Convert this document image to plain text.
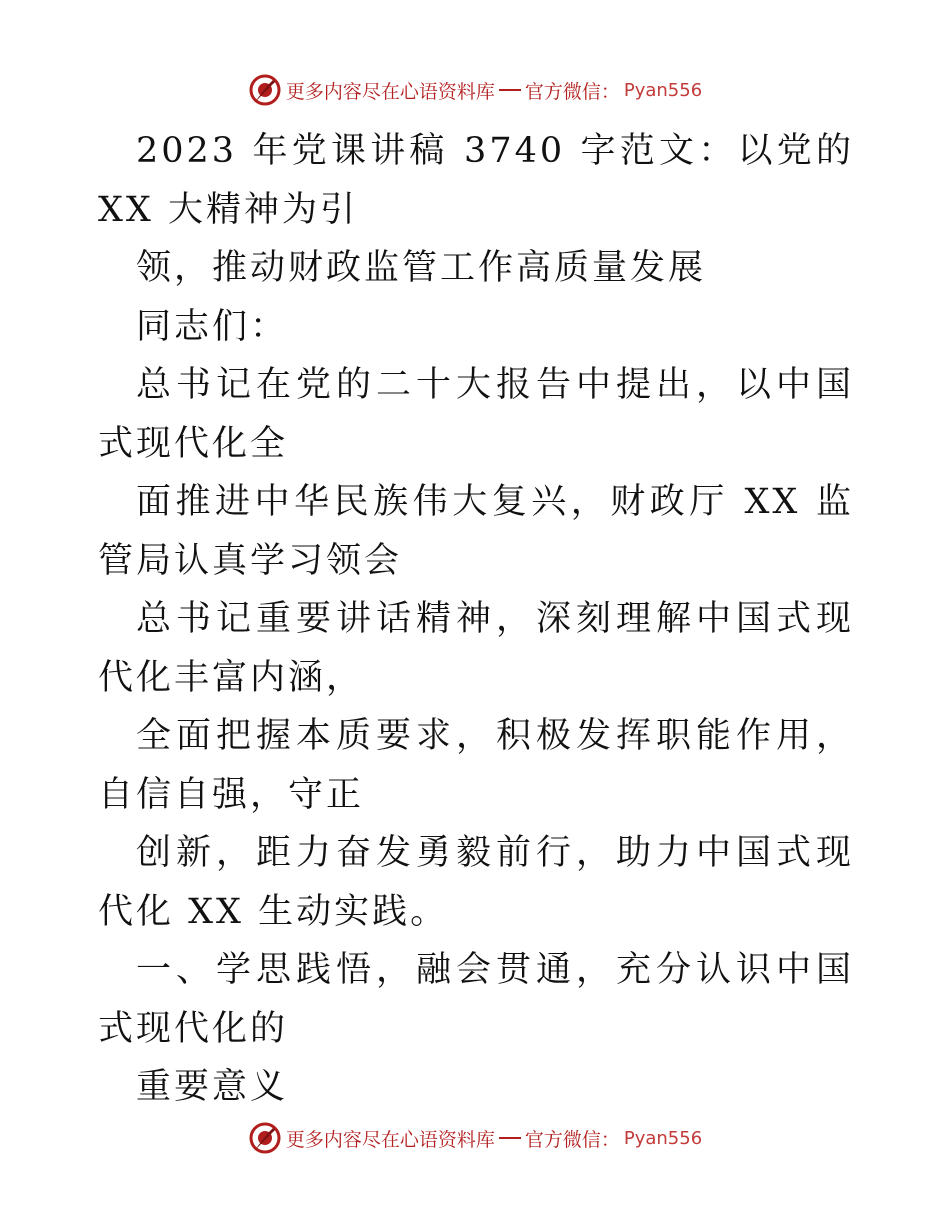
更多内容尽在心语资料库 官方微信： Pyan556

2023 年党课讲稿 3740 字范文：以党的 XX 大精神为引

领，推动财政监管工作高质量发展

同志们：

总书记在党的二十大报告中提出，以中国式现代化全

面推进中华民族伟大复兴，财政厅 XX 监管局认真学习领会

总书记重要讲话精神，深刻理解中国式现代化丰富内涵，

全面把握本质要求，积极发挥职能作用，自信自强，守正

创新，距力奋发勇毅前行，助力中国式现代化 XX 生动实践。

一、学思践悟，融会贯通，充分认识中国式现代化的

重要意义

更多内容尽在心语资料库 官方微信： Pyan556
